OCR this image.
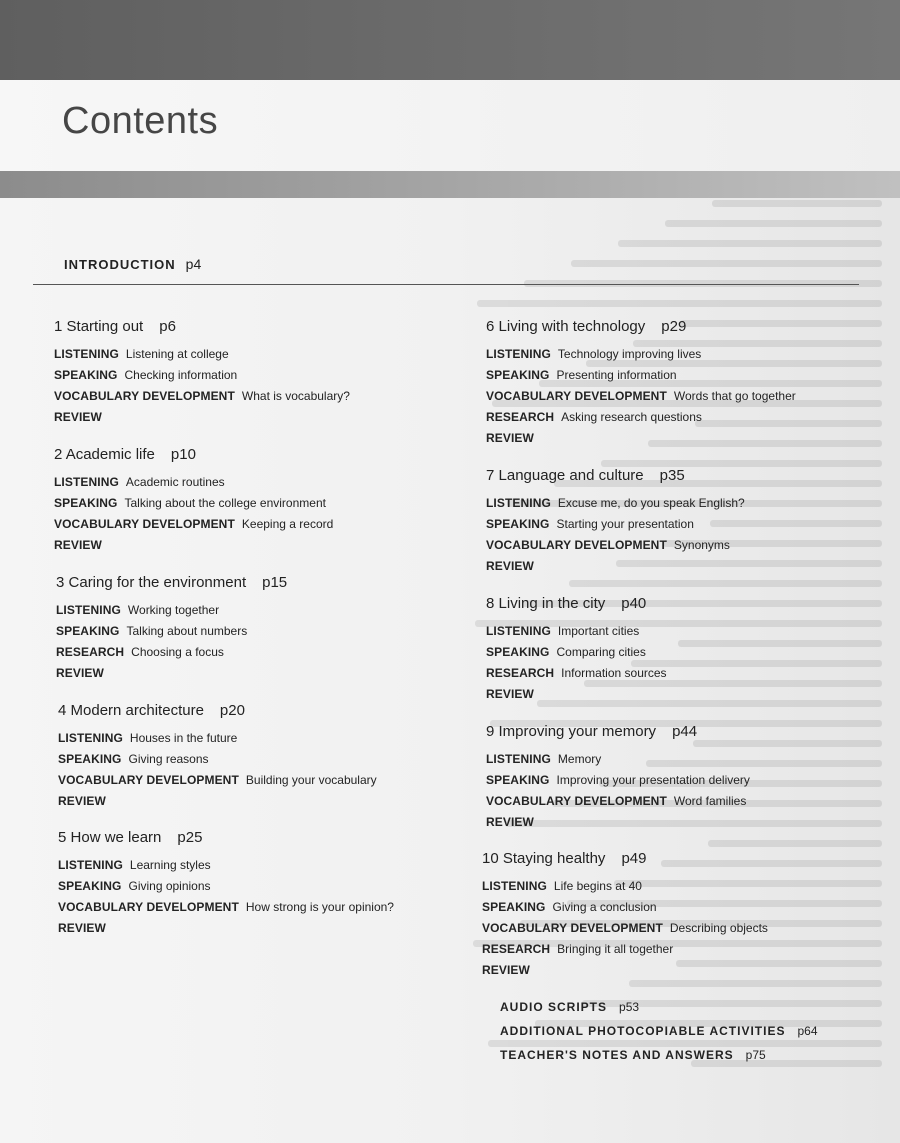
Contents
INTRODUCTION p4
1 Starting out p6
LISTENING Listening at college
SPEAKING Checking information
VOCABULARY DEVELOPMENT What is vocabulary?
REVIEW
2 Academic life p10
LISTENING Academic routines
SPEAKING Talking about the college environment
VOCABULARY DEVELOPMENT Keeping a record
REVIEW
3 Caring for the environment p15
LISTENING Working together
SPEAKING Talking about numbers
RESEARCH Choosing a focus
REVIEW
4 Modern architecture p20
LISTENING Houses in the future
SPEAKING Giving reasons
VOCABULARY DEVELOPMENT Building your vocabulary
REVIEW
5 How we learn p25
LISTENING Learning styles
SPEAKING Giving opinions
VOCABULARY DEVELOPMENT How strong is your opinion?
REVIEW
6 Living with technology p29
LISTENING Technology improving lives
SPEAKING Presenting information
VOCABULARY DEVELOPMENT Words that go together
RESEARCH Asking research questions
REVIEW
7 Language and culture p35
LISTENING Excuse me, do you speak English?
SPEAKING Starting your presentation
VOCABULARY DEVELOPMENT Synonyms
REVIEW
8 Living in the city p40
LISTENING Important cities
SPEAKING Comparing cities
RESEARCH Information sources
REVIEW
9 Improving your memory p44
LISTENING Memory
SPEAKING Improving your presentation delivery
VOCABULARY DEVELOPMENT Word families
REVIEW
10 Staying healthy p49
LISTENING Life begins at 40
SPEAKING Giving a conclusion
VOCABULARY DEVELOPMENT Describing objects
RESEARCH Bringing it all together
REVIEW
AUDIO SCRIPTS p53
ADDITIONAL PHOTOCOPIABLE ACTIVITIES p64
TEACHER'S NOTES AND ANSWERS p75
